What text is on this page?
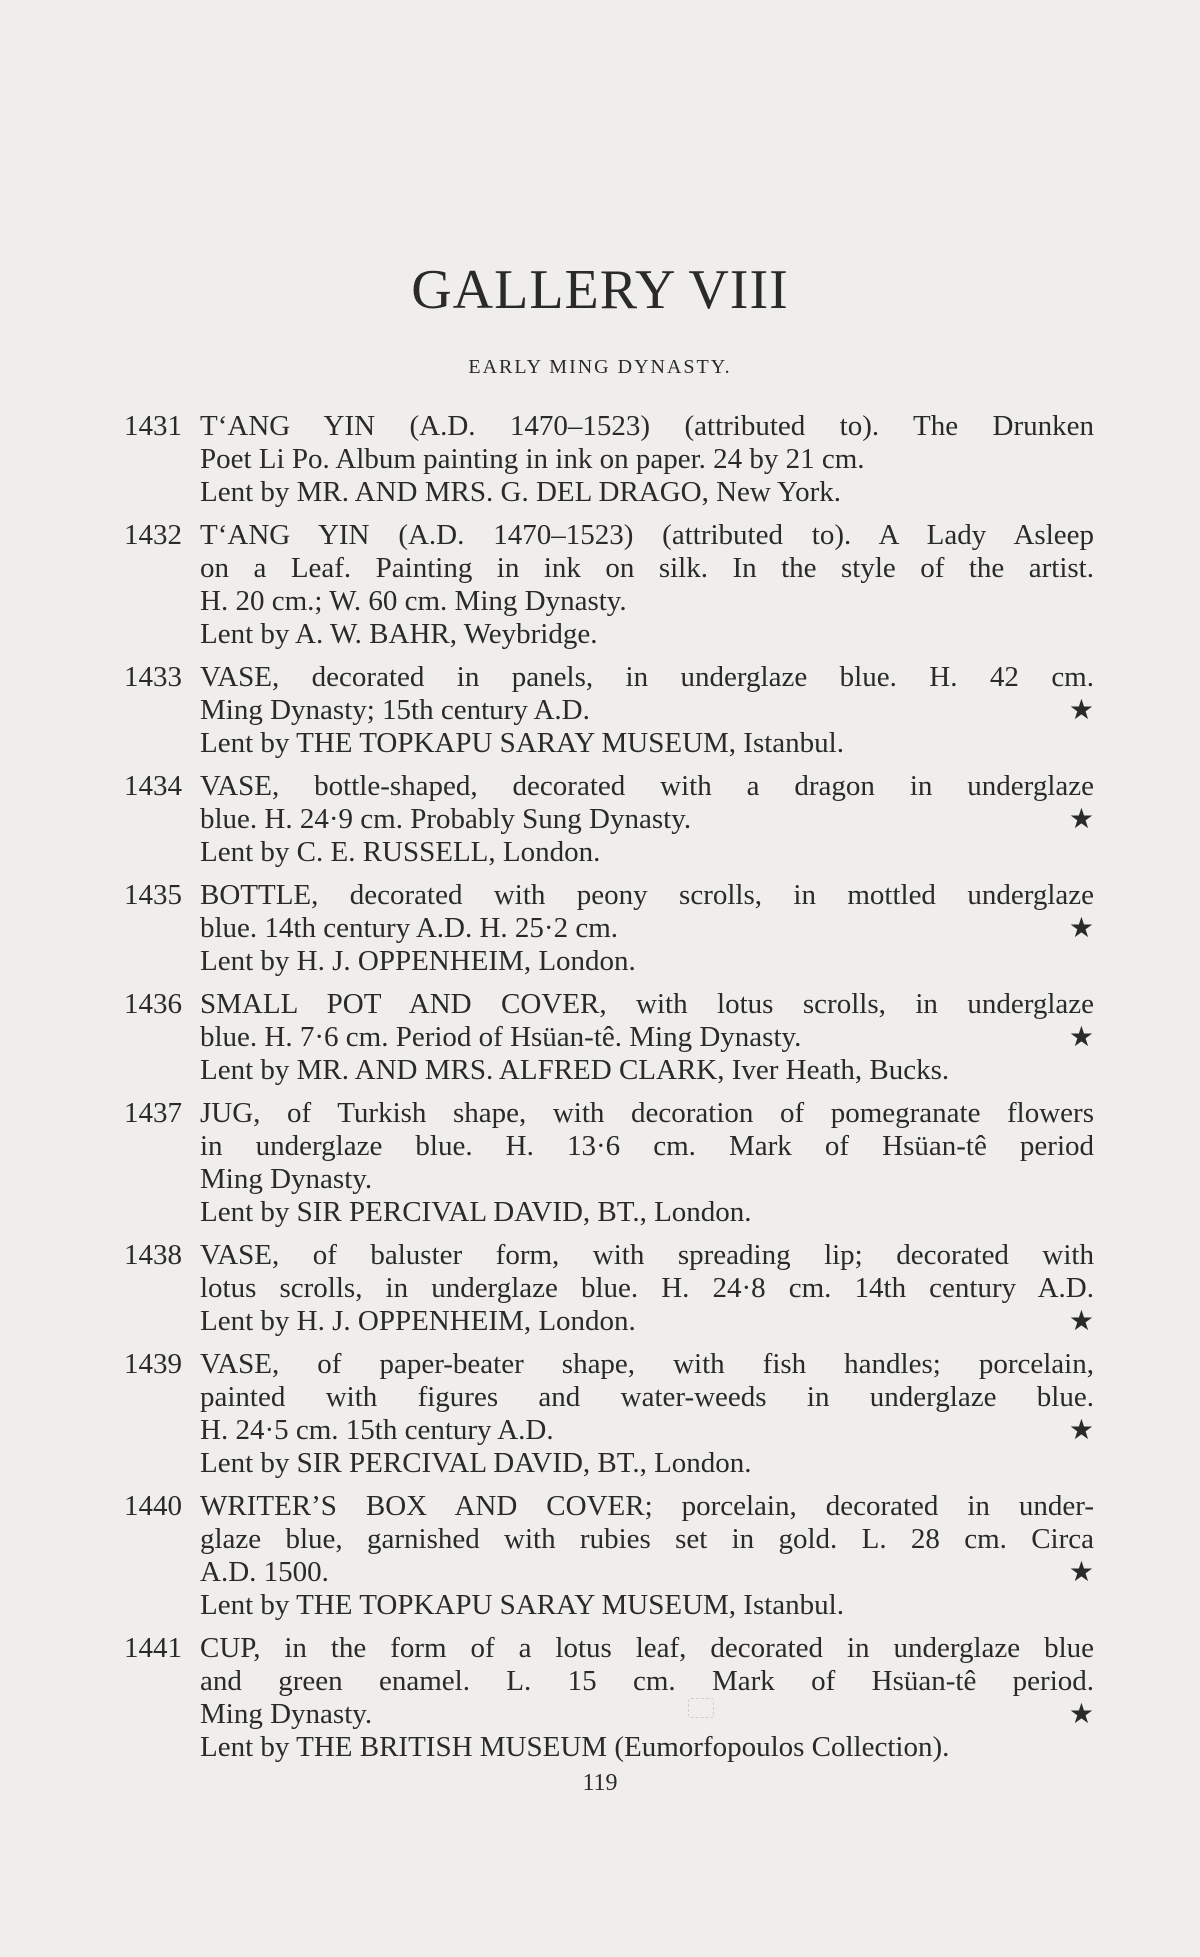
GALLERY VIII
EARLY MING DYNASTY.
1431 T‘ANG YIN (A.D. 1470–1523) (attributed to). The Drunken
Poet Li Po. Album painting in ink on paper. 24 by 21 cm.
Lent by MR. AND MRS. G. DEL DRAGO, New York.
1432 T‘ANG YIN (A.D. 1470–1523) (attributed to). A Lady Asleep
on a Leaf. Painting in ink on silk. In the style of the artist.
H. 20 cm.; W. 60 cm. Ming Dynasty.
Lent by A. W. BAHR, Weybridge.
1433 VASE, decorated in panels, in underglaze blue. H. 42 cm.
Ming Dynasty; 15th century A.D.	★
Lent by THE TOPKAPU SARAY MUSEUM, Istanbul.
1434 VASE, bottle-shaped, decorated with a dragon in underglaze
blue. H. 24·9 cm. Probably Sung Dynasty.	★
Lent by C. E. RUSSELL, London.
1435 BOTTLE, decorated with peony scrolls, in mottled underglaze
blue. 14th century A.D. H. 25·2 cm.	★
Lent by H. J. OPPENHEIM, London.
1436 SMALL POT AND COVER, with lotus scrolls, in underglaze
blue. H. 7·6 cm. Period of Hsüan-tê. Ming Dynasty.	★
Lent by MR. AND MRS. ALFRED CLARK, Iver Heath, Bucks.
1437 JUG, of Turkish shape, with decoration of pomegranate flowers
in underglaze blue. H. 13·6 cm. Mark of Hsüan-tê period
Ming Dynasty.
Lent by SIR PERCIVAL DAVID, BT., London.
1438 VASE, of baluster form, with spreading lip; decorated with
lotus scrolls, in underglaze blue. H. 24·8 cm. 14th century A.D.
Lent by H. J. OPPENHEIM, London.	★
1439 VASE, of paper-beater shape, with fish handles; porcelain,
painted with figures and water-weeds in underglaze blue.
H. 24·5 cm. 15th century A.D.	★
Lent by SIR PERCIVAL DAVID, BT., London.
1440 WRITER’S BOX AND COVER; porcelain, decorated in under-
glaze blue, garnished with rubies set in gold. L. 28 cm. Circa
A.D. 1500.	★
Lent by THE TOPKAPU SARAY MUSEUM, Istanbul.
1441 CUP, in the form of a lotus leaf, decorated in underglaze blue
and green enamel. L. 15 cm. Mark of Hsüan-tê period.
Ming Dynasty.	★
Lent by THE BRITISH MUSEUM (Eumorfopoulos Collection).
119
